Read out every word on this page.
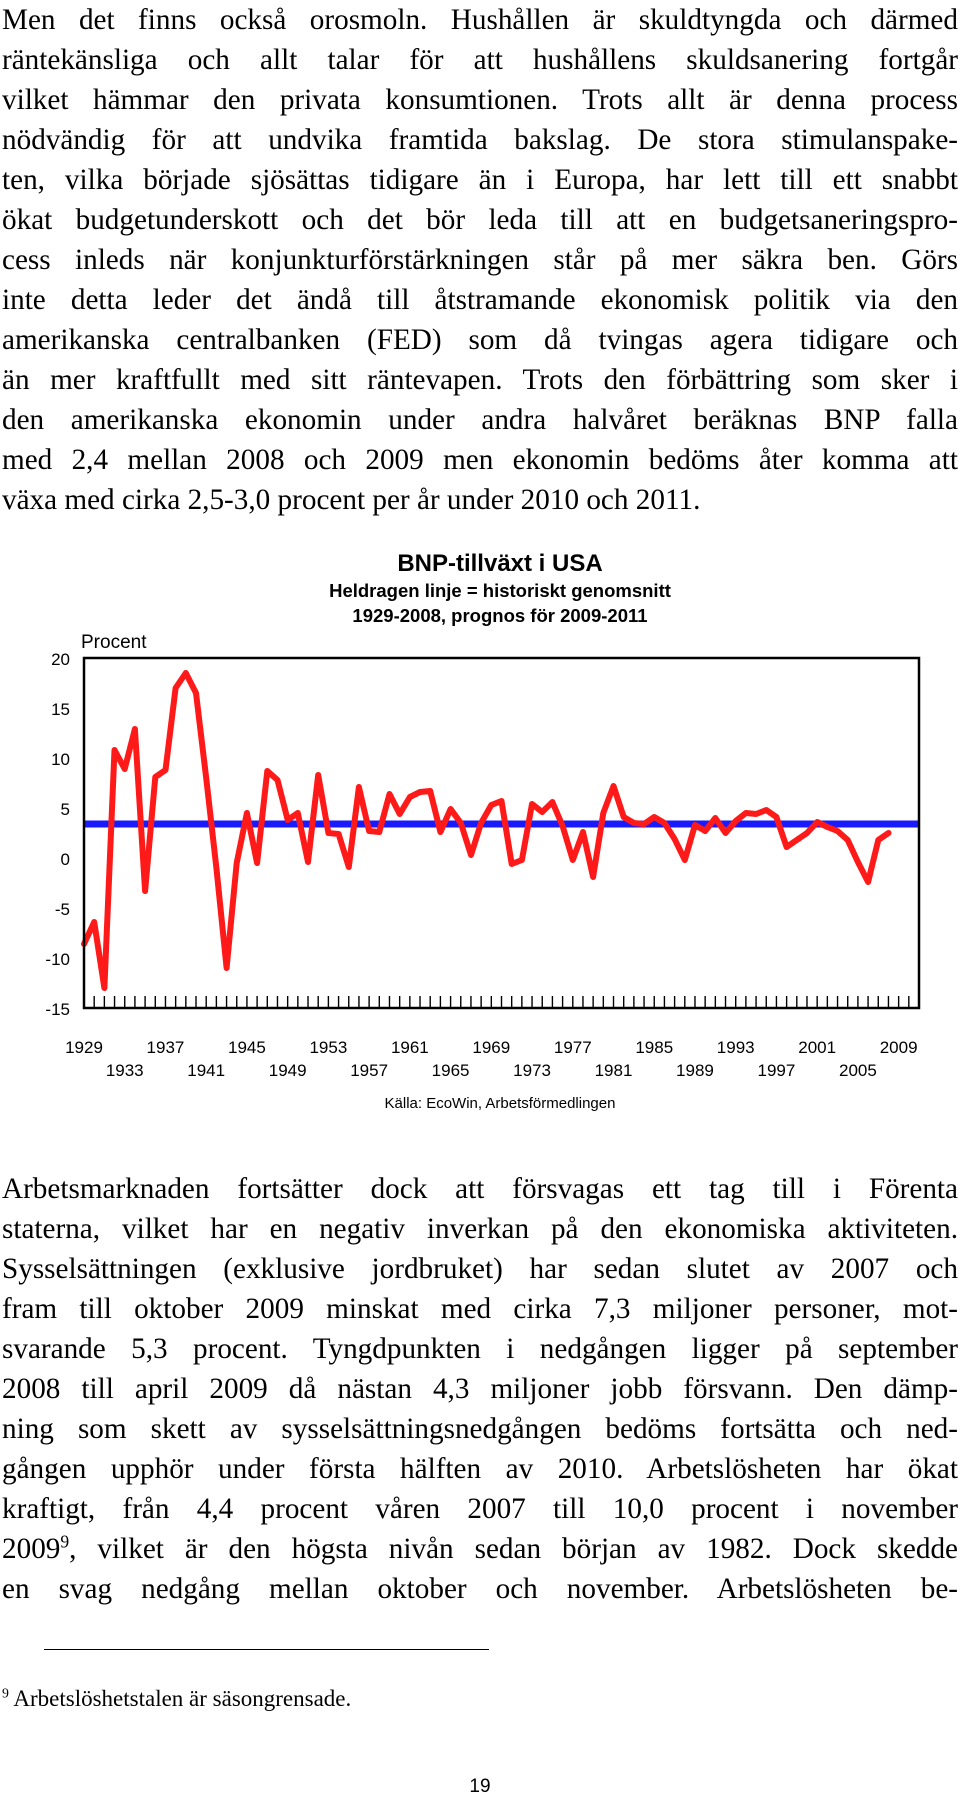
Men det finns också orosmoln. Hushållen är skuldtyngda och därmed
räntekänsliga och allt talar för att hushållens skuldsanering fortgår
vilket hämmar den privata konsumtionen. Trots allt är denna process
nödvändig för att undvika framtida bakslag. De stora stimulanspake-
ten, vilka började sjösättas tidigare än i Europa, har lett till ett snabbt
ökat budgetunderskott och det bör leda till att en budgetsaneringspro-
cess inleds när konjunkturförstärkningen står på mer säkra ben. Görs
inte detta leder det ändå till åtstramande ekonomisk politik via den
amerikanska centralbanken (FED) som då tvingas agera tidigare och
än mer kraftfullt med sitt räntevapen. Trots den förbättring som sker i
den amerikanska ekonomin under andra halvåret beräknas BNP falla
med 2,4 mellan 2008 och 2009 men ekonomin bedöms åter komma att
växa med cirka 2,5-3,0 procent per år under 2010 och 2011.
BNP-tillväxt i USA
Heldragen linje = historiskt genomsnitt
1929-2008, prognos för 2009-2011
Procent
20
15
10
5
0
-5
-10
-15
1929	1937	1945	1953	1961	1969	1977	1985	1993	2001	2009
1933	1941	1949	1957	1965	1973	1981	1989	1997	2005
Källa: EcoWin, Arbetsförmedlingen
Arbetsmarknaden fortsätter dock att försvagas ett tag till i Förenta
staterna, vilket har en negativ inverkan på den ekonomiska aktiviteten.
Sysselsättningen (exklusive jordbruket) har sedan slutet av 2007 och
fram till oktober 2009 minskat med cirka 7,3 miljoner personer, mot-
svarande 5,3 procent. Tyngdpunkten i nedgången ligger på september
2008 till april 2009 då nästan 4,3 miljoner jobb försvann. Den dämp-
ning som skett av sysselsättningsnedgången bedöms fortsätta och ned-
gången upphör under första hälften av 2010. Arbetslösheten har ökat
kraftigt, från 4,4 procent våren 2007 till 10,0 procent i november
2009$^9$, vilket är den högsta nivån sedan början av 1982. Dock skedde
en svag nedgång mellan oktober och november. Arbetslösheten be-
$^9$ Arbetslöshetstalen är säsongrensade.
19
